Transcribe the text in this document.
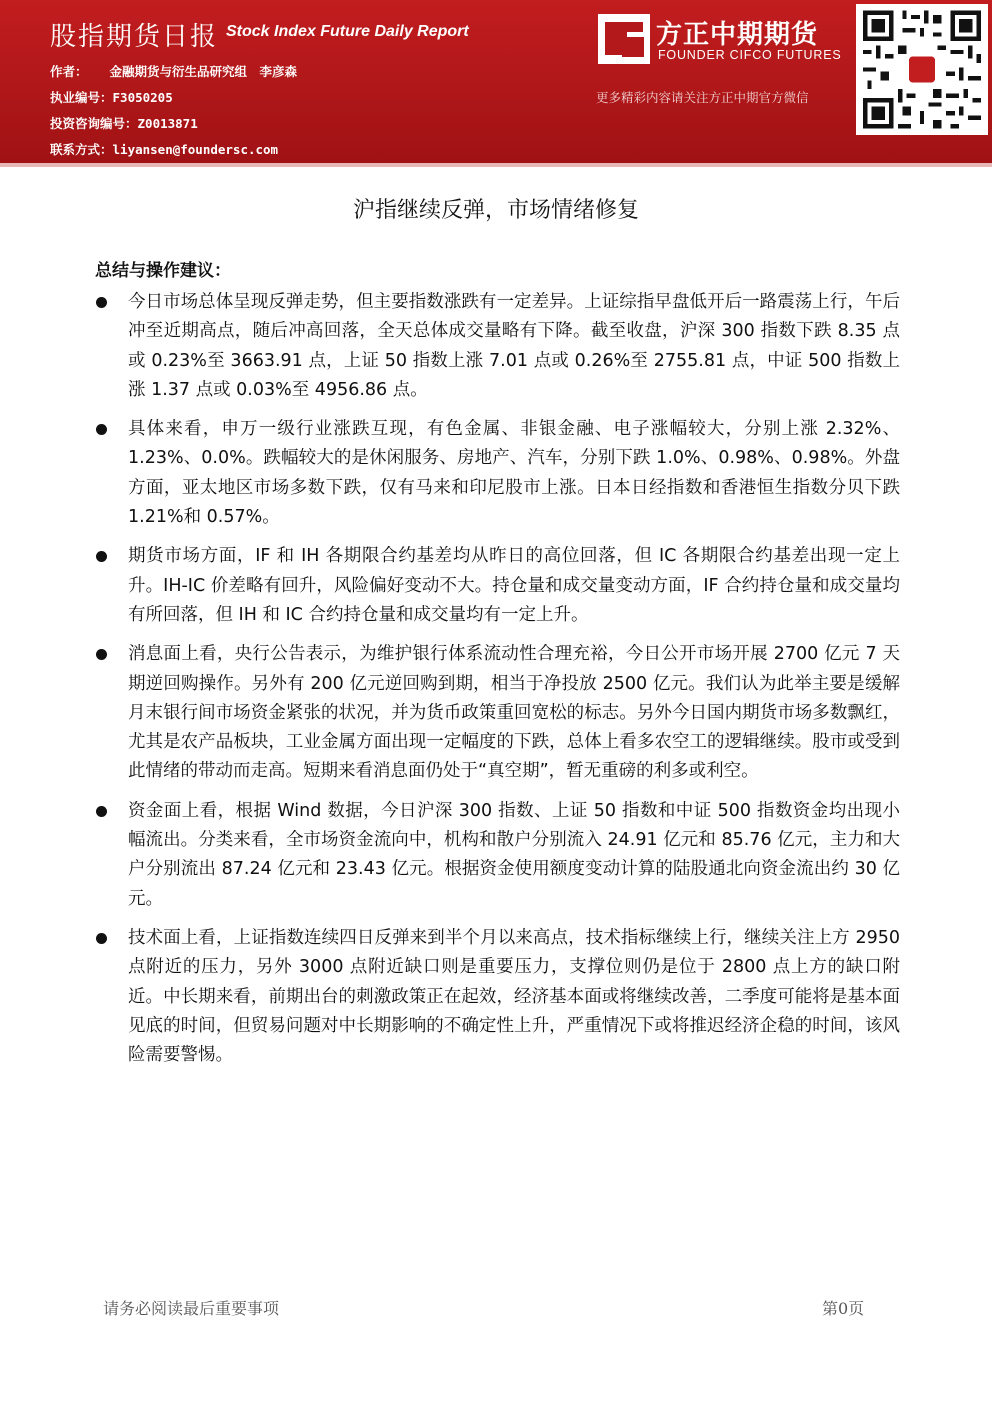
股指期货日报 Stock Index Future Daily Report
作者： 金融期货与衍生品研究组　李彦森
执业编号：F3050205
投资咨询编号：Z0013871
联系方式：liyansen@foundersc.com
方正中期期货
FOUNDER CIFCO FUTURES
更多精彩内容请关注方正中期官方微信
沪指继续反弹，市场情绪修复
总结与操作建议：
今日市场总体呈现反弹走势，但主要指数涨跌有一定差异。上证综指早盘低开后一路震荡上行，午后冲至近期高点，随后冲高回落，全天总体成交量略有下降。截至收盘，沪深 300 指数下跌 8.35 点或 0.23%至 3663.91 点，上证 50 指数上涨 7.01 点或 0.26%至 2755.81 点，中证 500 指数上涨 1.37 点或 0.03%至 4956.86 点。
具体来看，申万一级行业涨跌互现，有色金属、非银金融、电子涨幅较大，分别上涨 2.32%、1.23%、0.0%。跌幅较大的是休闲服务、房地产、汽车，分别下跌 1.0%、0.98%、0.98%。外盘方面，亚太地区市场多数下跌，仅有马来和印尼股市上涨。日本日经指数和香港恒生指数分贝下跌 1.21%和 0.57%。
期货市场方面，IF 和 IH 各期限合约基差均从昨日的高位回落，但 IC 各期限合约基差出现一定上升。IH-IC 价差略有回升，风险偏好变动不大。持仓量和成交量变动方面，IF 合约持仓量和成交量均有所回落，但 IH 和 IC 合约持仓量和成交量均有一定上升。
消息面上看，央行公告表示，为维护银行体系流动性合理充裕，今日公开市场开展 2700 亿元 7 天期逆回购操作。另外有 200 亿元逆回购到期，相当于净投放 2500 亿元。我们认为此举主要是缓解月末银行间市场资金紧张的状况，并为货币政策重回宽松的标志。另外今日国内期货市场多数飘红，尤其是农产品板块，工业金属方面出现一定幅度的下跌，总体上看多农空工的逻辑继续。股市或受到此情绪的带动而走高。短期来看消息面仍处于“真空期”，暂无重磅的利多或利空。
资金面上看，根据 Wind 数据，今日沪深 300 指数、上证 50 指数和中证 500 指数资金均出现小幅流出。分类来看，全市场资金流向中，机构和散户分别流入 24.91 亿元和 85.76 亿元，主力和大户分别流出 87.24 亿元和 23.43 亿元。根据资金使用额度变动计算的陆股通北向资金流出约 30 亿元。
技术面上看，上证指数连续四日反弹来到半个月以来高点，技术指标继续上行，继续关注上方 2950 点附近的压力，另外 3000 点附近缺口则是重要压力，支撑位则仍是位于 2800 点上方的缺口附近。中长期来看，前期出台的刺激政策正在起效，经济基本面或将继续改善，二季度可能将是基本面见底的时间，但贸易问题对中长期影响的不确定性上升，严重情况下或将推迟经济企稳的时间，该风险需要警惕。
请务必阅读最后重要事项	第0页
